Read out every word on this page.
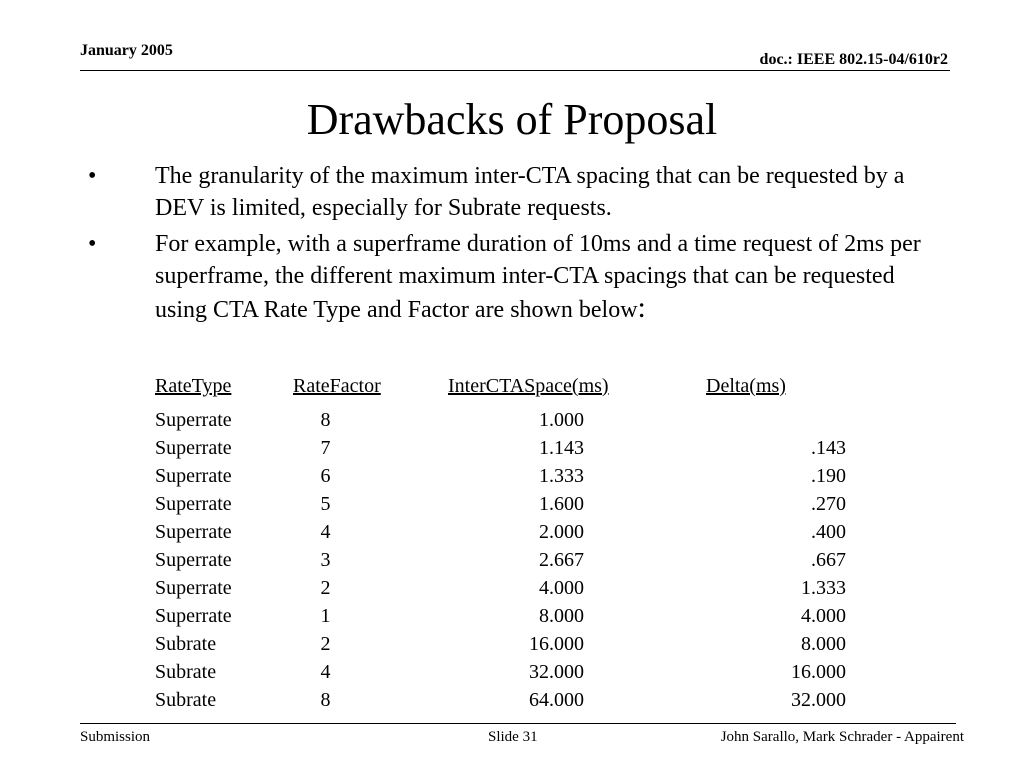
January 2005
doc.: IEEE 802.15-04/610r2
Drawbacks of Proposal
•	The granularity of the maximum inter-CTA spacing that can be requested by a DEV is limited, especially for Subrate requests.
•	For example, with a superframe duration of 10ms and a time request of 2ms per superframe, the different maximum inter-CTA spacings that can be requested using CTA Rate Type and Factor are shown below:
RateType	RateFactor	InterCTASpace(ms)	Delta(ms)
Superrate	8	1.000	
Superrate	7	1.143	.143
Superrate	6	1.333	.190
Superrate	5	1.600	.270
Superrate	4	2.000	.400
Superrate	3	2.667	.667
Superrate	2	4.000	1.333
Superrate	1	8.000	4.000
Subrate	2	16.000	8.000
Subrate	4	32.000	16.000
Subrate	8	64.000	32.000
Submission	Slide 31	John Sarallo, Mark Schrader - Appairent
